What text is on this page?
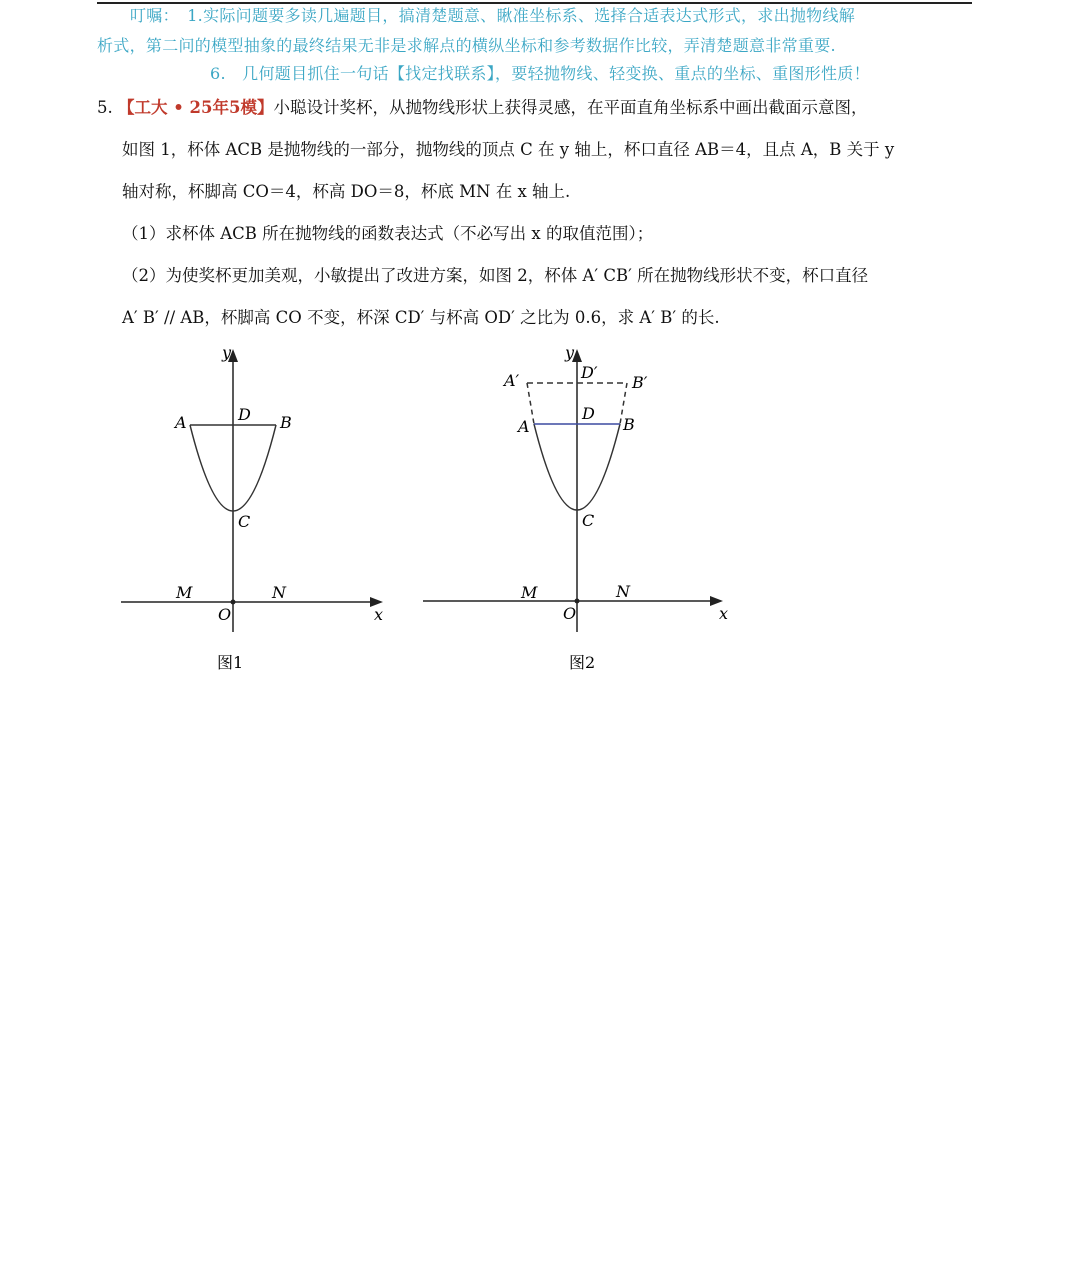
叮嘱：　1.实际问题要多读几遍题目，搞清楚题意、瞅准坐标系、选择合适表达式形式，求出抛物线解
析式，第二问的模型抽象的最终结果无非是求解点的横纵坐标和参考数据作比较，弄清楚题意非常重要.
6.　几何题目抓住一句话【找定找联系】，要轻抛物线、轻变换、重点的坐标、重图形性质！
5. 【工大 • 25年5模】小聪设计奖杯，从抛物线形状上获得灵感，在平面直角坐标系中画出截面示意图，
如图 1，杯体 ACB 是抛物线的一部分，抛物线的顶点 C 在 y 轴上，杯口直径 AB＝4，且点 A，B 关于 y
轴对称，杯脚高 CO＝4，杯高 DO＝8，杯底 MN 在 x 轴上.
（1）求杯体 ACB 所在抛物线的函数表达式（不必写出 x 的取值范围）；
（2）为使奖杯更加美观，小敏提出了改进方案，如图 2，杯体 A′ CB′ 所在抛物线形状不变，杯口直径
A′ B′ // AB，杯脚高 CO 不变，杯深 CD′ 与杯高 OD′ 之比为 0.6，求 A′ B′ 的长.
y
x
A	B
D
C
M	N
O
图1
y
x
A′	B′
D′
A	B
D
C
M	N
O
图2
